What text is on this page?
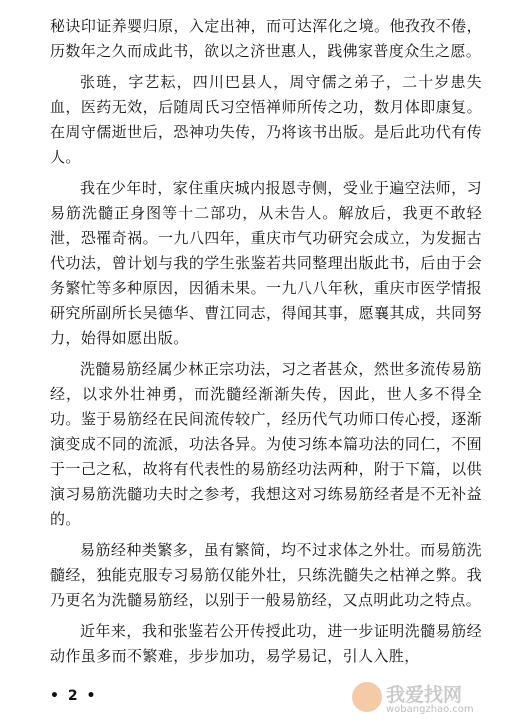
秘诀印证养婴归原，入定出神，而可达浑化之境。他孜孜不倦，历数年之久而成此书，欲以之济世惠人，践佛家普度众生之愿。

张琏，字艺耘，四川巴县人，周守儒之弟子，二十岁患失血，医药无效，后随周氏习空悟禅师所传之功，数月体即康复。在周守儒逝世后，恐神功失传，乃将该书出版。是后此功代有传人。

我在少年时，家住重庆城内报恩寺侧，受业于遍空法师，习易筋洗髓正身图等十二部功，从未告人。解放后，我更不敢轻泄，恐罹奇祸。一九八四年，重庆市气功研究会成立，为发掘古代功法，曾计划与我的学生张鉴若共同整理出版此书，后由于会务繁忙等多种原因，因循未果。一九八八年秋，重庆市医学情报研究所副所长吴德华、曹江同志，得闻其事，愿襄其成，共同努力，始得如愿出版。

洗髓易筋经属少林正宗功法，习之者甚众，然世多流传易筋经，以求外壮神勇，而洗髓经渐渐失传，因此，世人多不得全功。鉴于易筋经在民间流传较广，经历代气功师口传心授，逐渐演变成不同的流派，功法各异。为使习练本篇功法的同仁，不囿于一己之私，故将有代表性的易筋经功法两种，附于下篇，以供演习易筋洗髓功夫时之参考，我想这对习练易筋经者是不无补益的。

易筋经种类繁多，虽有繁简，均不过求体之外壮。而易筋洗髓经，独能克服专习易筋仅能外壮，只练洗髓失之枯禅之弊。我乃更名为洗髓易筋经，以别于一般易筋经，又点明此功之特点。

近年来，我和张鉴若公开传授此功，进一步证明洗髓易筋经动作虽多而不繁难，步步加功，易学易记，引人入胜，

• 2 •	我爱找网
wobangzhao.com
